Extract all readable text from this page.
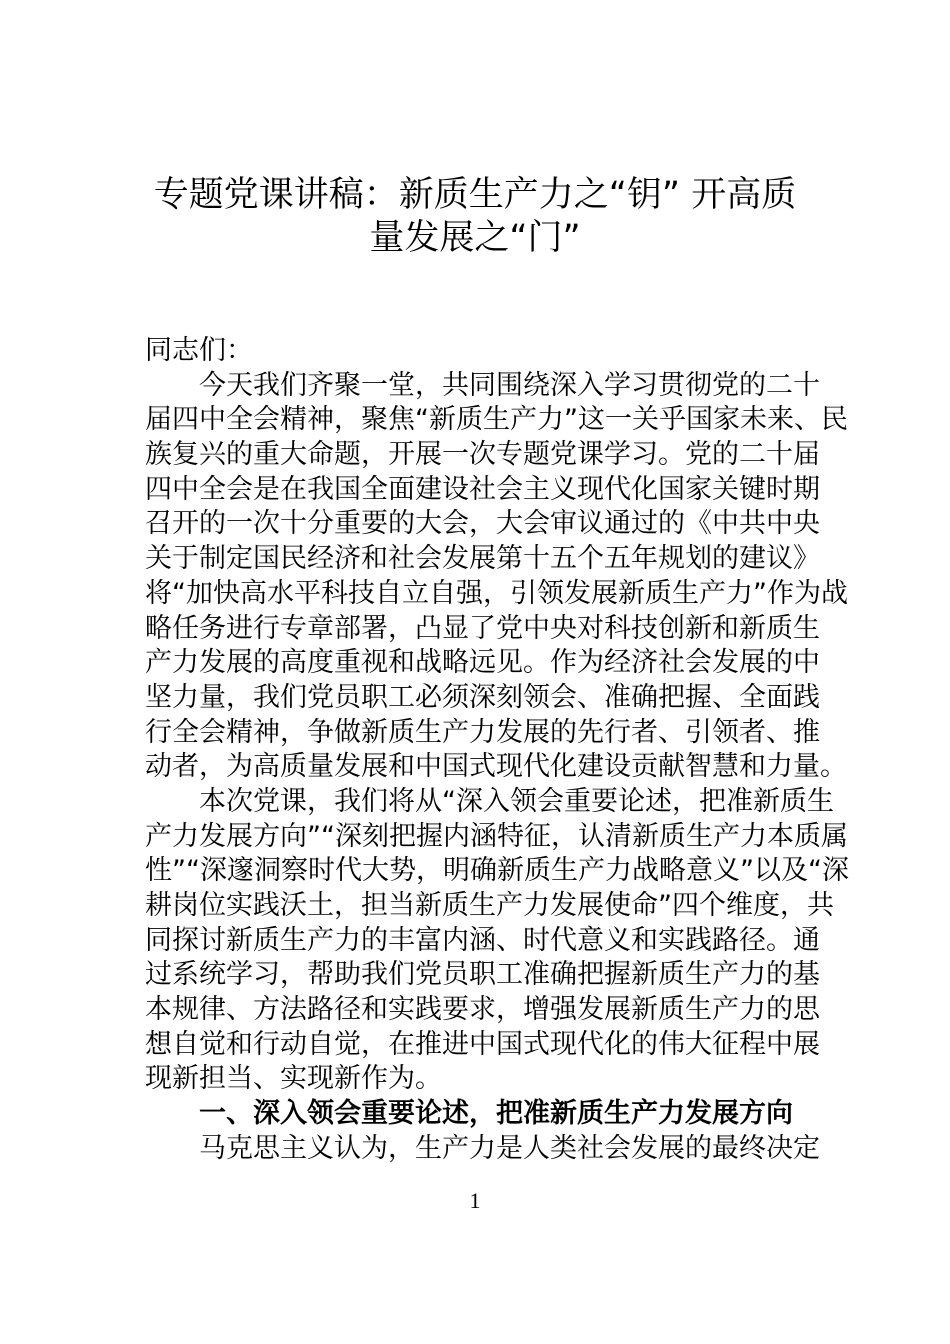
专题党课讲稿：新质生产力之“钥” 开高质
量发展之“门”
同志们：
今天我们齐聚一堂，共同围绕深入学习贯彻党的二十
届四中全会精神，聚焦“新质生产力”这一关乎国家未来、民
族复兴的重大命题，开展一次专题党课学习。党的二十届
四中全会是在我国全面建设社会主义现代化国家关键时期
召开的一次十分重要的大会，大会审议通过的《中共中央
关于制定国民经济和社会发展第十五个五年规划的建议》
将“加快高水平科技自立自强，引领发展新质生产力”作为战
略任务进行专章部署，凸显了党中央对科技创新和新质生
产力发展的高度重视和战略远见。作为经济社会发展的中
坚力量，我们党员职工必须深刻领会、准确把握、全面践
行全会精神，争做新质生产力发展的先行者、引领者、推
动者，为高质量发展和中国式现代化建设贡献智慧和力量。
本次党课，我们将从“深入领会重要论述，把准新质生
产力发展方向”“深刻把握内涵特征，认清新质生产力本质属
性”“深邃洞察时代大势，明确新质生产力战略意义”以及“深
耕岗位实践沃土，担当新质生产力发展使命”四个维度，共
同探讨新质生产力的丰富内涵、时代意义和实践路径。通
过系统学习，帮助我们党员职工准确把握新质生产力的基
本规律、方法路径和实践要求，增强发展新质生产力的思
想自觉和行动自觉，在推进中国式现代化的伟大征程中展
现新担当、实现新作为。
一、深入领会重要论述，把准新质生产力发展方向
马克思主义认为，生产力是人类社会发展的最终决定
1
